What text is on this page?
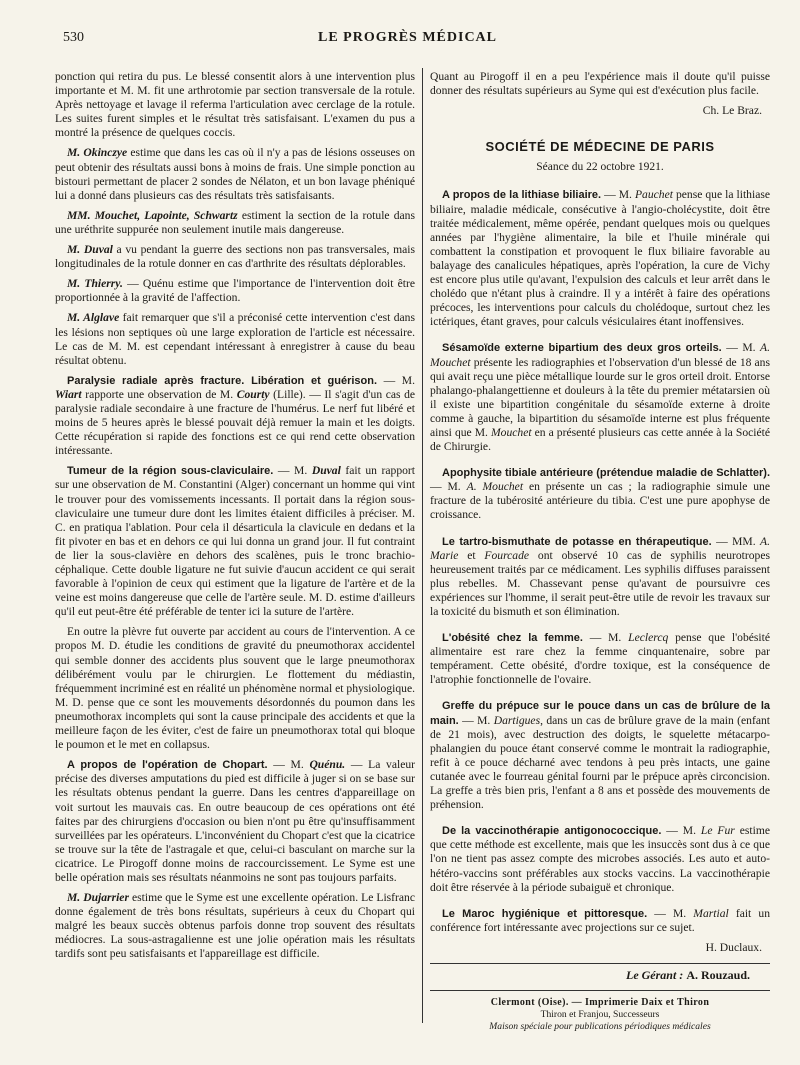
530	LE PROGRÈS MÉDICAL

ponction qui retira du pus. Le blessé consentit alors à une intervention plus importante et M. M. fit une arthrotomie par section transversale de la rotule. Après nettoyage et lavage il referma l'articulation avec cerclage de la rotule. Les suites furent simples et le résultat très satisfaisant. L'examen du pus a montré la présence de quelques coccis.

M. Okinczye estime que dans les cas où il n'y a pas de lésions osseuses on peut obtenir des résultats aussi bons à moins de frais. Une simple ponction au bistouri permettant de placer 2 sondes de Nélaton, et un bon lavage phéniqué lui a donné dans plusieurs cas des résultats très satisfaisants.

MM. Mouchet, Lapointe, Schwartz estiment la section de la rotule dans une uréthrite suppurée non seulement inutile mais dangereuse.

M. Duval a vu pendant la guerre des sections non pas transversales, mais longitudinales de la rotule donner en cas d'arthrite des résultats déplorables.

M. Thierry. — Quénu estime que l'importance de l'intervention doit être proportionnée à la gravité de l'affection.

M. Alglave fait remarquer que s'il a préconisé cette intervention c'est dans les lésions non septiques où une large exploration de l'article est nécessaire. Le cas de M. M. est cependant intéressant à enregistrer à cause du beau résultat obtenu.

Paralysie radiale après fracture. Libération et guérison. — M. Wiart rapporte une observation de M. Courty (Lille). — Il s'agit d'un cas de paralysie radiale secondaire à une fracture de l'humérus. Le nerf fut libéré et moins de 5 heures après le blessé pouvait déjà remuer la main et les doigts. Cette récupération si rapide des fonctions est ce qui rend cette observation intéressante.

Tumeur de la région sous-claviculaire. — M. Duval fait un rapport sur une observation de M. Constantini (Alger) concernant un homme qui vint le trouver pour des vomissements incessants. Il portait dans la région sous-claviculaire une tumeur dure dont les limites étaient difficiles à préciser. M. C. en pratiqua l'ablation. Pour cela il désarticula la clavicule en dedans et la fit pivoter en bas et en dehors ce qui lui donna un grand jour. Il fut contraint de lier la sous-clavière en dehors des scalènes, puis le tronc brachio-céphalique. Cette double ligature ne fut suivie d'aucun accident ce qui serait favorable à l'opinion de ceux qui estiment que la ligature de l'artère et de la veine est moins dangereuse que celle de l'artère seule. M. D. estime d'ailleurs qu'il eut peut-être été préférable de tenter ici la suture de l'artère.

En outre la plèvre fut ouverte par accident au cours de l'intervention. A ce propos M. D. étudie les conditions de gravité du pneumothorax accidentel qui semble donner des accidents plus souvent que le large pneumothorax délibérément voulu par le chirurgien. Le flottement du médiastin, fréquemment incriminé est en réalité un phénomène normal et physiologique. M. D. pense que ce sont les mouvements désordonnés du poumon dans les pneumothorax incomplets qui sont la cause principale des accidents et que la meilleure façon de les éviter, c'est de faire un pneumothorax total qui bloque le poumon et le met en collapsus.

A propos de l'opération de Chopart. — M. Quénu. — La valeur précise des diverses amputations du pied est difficile à juger si on se base sur les résultats obtenus pendant la guerre. Dans les centres d'appareillage on voit surtout les mauvais cas. En outre beaucoup de ces opérations ont été faites par des chirurgiens d'occasion ou bien n'ont pu être qu'insuffisamment surveillées par les opérateurs. L'inconvénient du Chopart c'est que la cicatrice se trouve sur la tête de l'astragale et que, celui-ci basculant on marche sur la cicatrice. Le Pirogoff donne moins de raccourcissement. Le Syme est une belle opération mais ses résultats néanmoins ne sont pas toujours parfaits.

M. Dujarrier estime que le Syme est une excellente opération. Le Lisfranc donne également de très bons résultats, supérieurs à ceux du Chopart qui malgré les beaux succès obtenus parfois donne trop souvent des résultats médiocres. La sous-astragalienne est une jolie opération mais les résultats tardifs sont peu satisfaisants et l'appareillage est difficile.

Quant au Pirogoff il en a peu l'expérience mais il doute qu'il puisse donner des résultats supérieurs au Syme qui est d'exécution plus facile.

Ch. Le Braz.

SOCIÉTÉ DE MÉDECINE DE PARIS
Séance du 22 octobre 1921.

A propos de la lithiase biliaire. — M. Pauchet pense que la lithiase biliaire, maladie médicale, consécutive à l'angio-cholécystite, doit être traitée médicalement, même opérée, pendant quelques mois ou quelques années par l'hygiène alimentaire, la bile et l'huile minérale qui combattent la constipation et provoquent le flux biliaire favorable au balayage des canalicules hépatiques, après l'opération, la cure de Vichy est encore plus utile qu'avant, l'expulsion des calculs et leur arrêt dans le cholédo que n'étant plus à craindre. Il y a intérêt à faire des opérations précoces, les interventions pour calculs du cholédoque, surtout chez les ictériques, étant graves, pour calculs vésiculaires étant inoffensives.

Sésamoïde externe bipartium des deux gros orteils. — M. A. Mouchet présente les radiographies et l'observation d'un blessé de 18 ans qui avait reçu une pièce métallique lourde sur le gros orteil droit. Entorse phalango-phalangettienne et douleurs à la tête du premier métatarsien où il existe une bipartition congénitale du sésamoïde externe à droite comme à gauche, la bipartition du sésamoïde interne est plus fréquente ainsi que M. Mouchet en a présenté plusieurs cas cette année à la Société de Chirurgie.

Apophysite tibiale antérieure (prétendue maladie de Schlatter). — M. A. Mouchet en présente un cas ; la radiographie simule une fracture de la tubérosité antérieure du tibia. C'est une pure apophyse de croissance.

Le tartro-bismuthate de potasse en thérapeutique. — MM. A. Marie et Fourcade ont observé 10 cas de syphilis neurotropes heureusement traités par ce médicament. Les syphilis diffuses paraissent plus rebelles. M. Chassevant pense qu'avant de poursuivre ces expériences sur l'homme, il serait peut-être utile de revoir les travaux sur la toxicité du bismuth et son élimination.

L'obésité chez la femme. — M. Leclercq pense que l'obésité alimentaire est rare chez la femme cinquantenaire, sobre par tempérament. Cette obésité, d'ordre toxique, est la conséquence de l'atrophie fonctionnelle de l'ovaire.

Greffe du prépuce sur le pouce dans un cas de brûlure de la main. — M. Dartigues, dans un cas de brûlure grave de la main (enfant de 21 mois), avec destruction des doigts, le squelette métacarpo-phalangien du pouce étant conservé comme le montrait la radiographie, refit à ce pouce décharné avec tendons à peu près intacts, une gaine cutanée avec le fourreau génital fourni par le prépuce après circoncision. La greffe a très bien pris, l'enfant a 8 ans et possède des mouvements de préhension.

De la vaccinothérapie antigonococcique. — M. Le Fur estime que cette méthode est excellente, mais que les insuccès sont dus à ce que l'on ne tient pas assez compte des microbes associés. Les auto et auto-hétéro-vaccins sont préférables aux stocks vaccins. La vaccinothérapie doit être réservée à la période subaiguë et chronique.

Le Maroc hygiénique et pittoresque. — M. Martial fait un conférence fort intéressante avec projections sur ce sujet.

H. Duclaux.

Le Gérant : A. Rouzaud.
Clermont (Oise). — Imprimerie Daix et Thiron
Thiron et Franjou, Successeurs
Maison spéciale pour publications périodiques médicales
